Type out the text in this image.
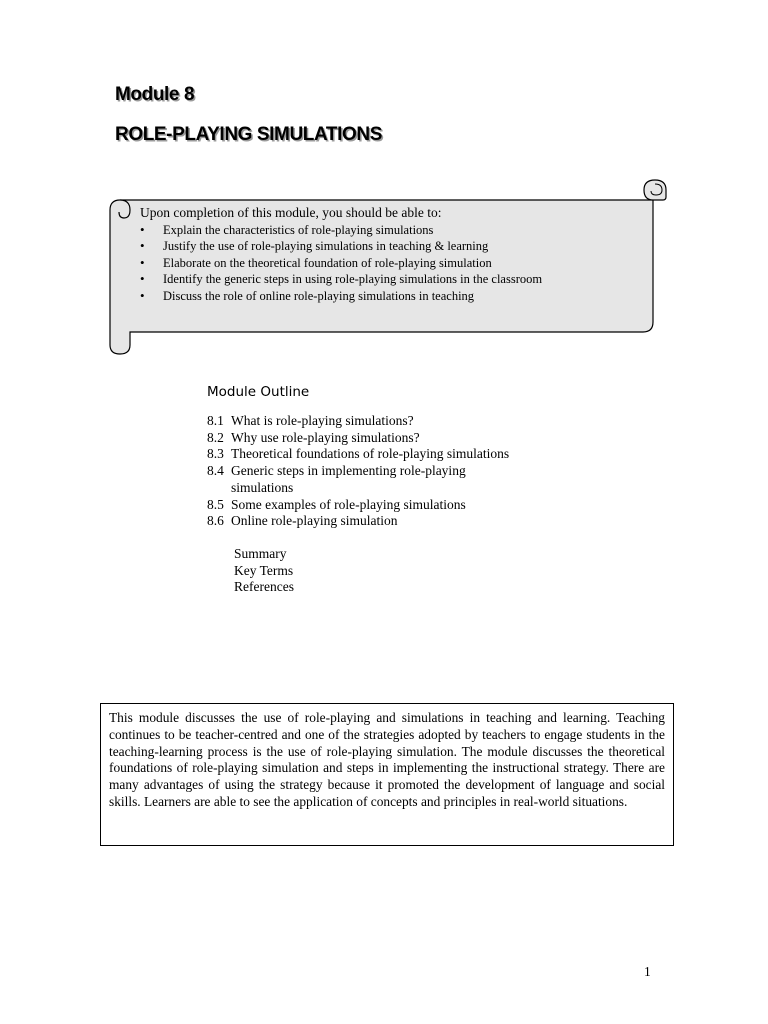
Module 8
ROLE-PLAYING SIMULATIONS

Upon completion of this module, you should be able to:

• Explain the characteristics of role-playing simulations
• Justify the use of role-playing simulations in teaching & learning
• Elaborate on the theoretical foundation of role-playing simulation
• Identify the generic steps in using role-playing simulations in the classroom
• Discuss the role of online role-playing simulations in teaching
Module Outline
8.1 What is role-playing simulations?
8.2 Why use role-playing simulations?
8.3 Theoretical foundations of role-playing simulations
8.4 Generic steps in implementing role-playing simulations
8.5 Some examples of role-playing simulations
8.6 Online role-playing simulation
Summary
Key Terms
References
This module discusses the use of role-playing and simulations in teaching and learning. Teaching continues to be teacher-centred and one of the strategies adopted by teachers to engage students in the teaching-learning process is the use of role-playing simulation. The module discusses the theoretical foundations of role-playing simulation and steps in implementing the instructional strategy. There are many advantages of using the strategy because it promoted the development of language and social skills. Learners are able to see the application of concepts and principles in real-world situations.
1
